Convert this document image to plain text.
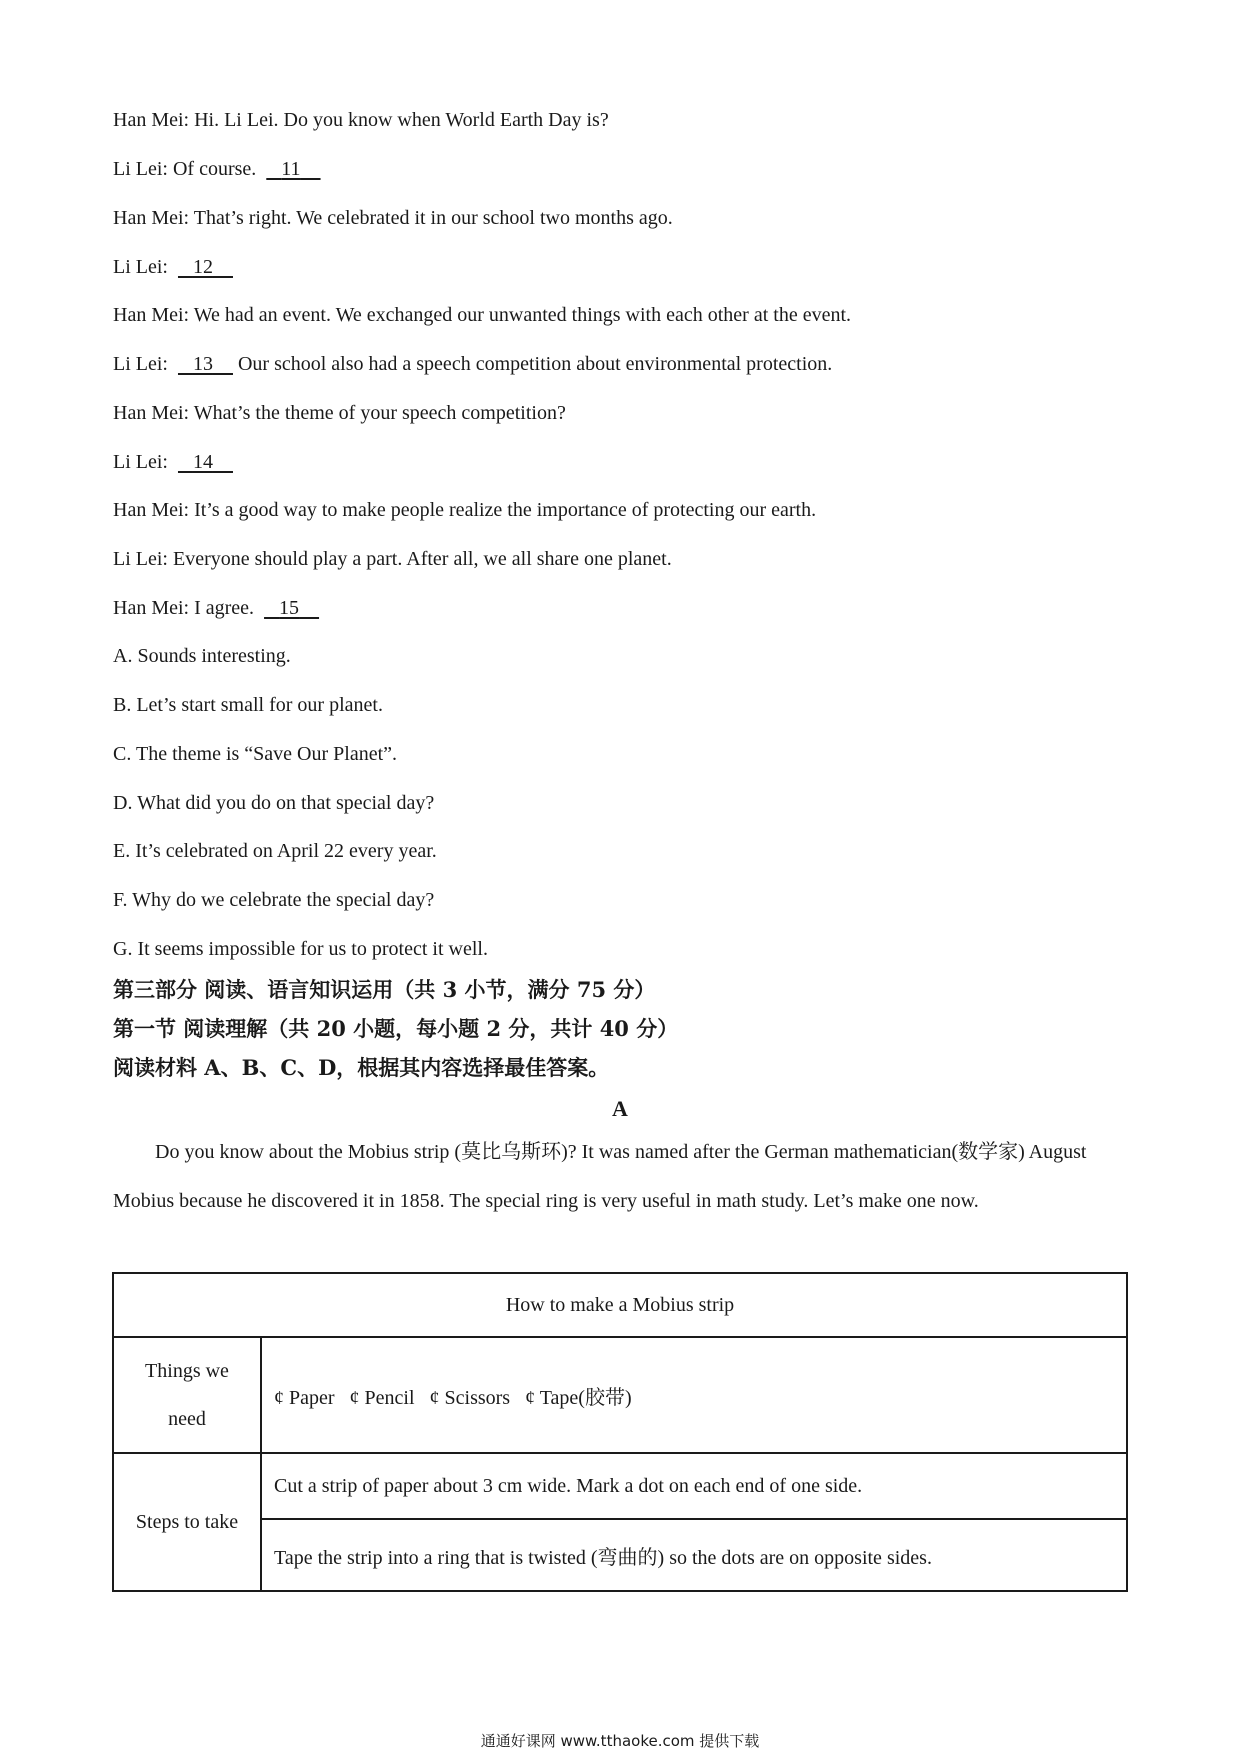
Han Mei: Hi. Li Lei. Do you know when World Earth Day is?
Li Lei: Of course.     11
Han Mei: That’s right. We celebrated it in our school two months ago.
Li Lei:     12
Han Mei: We had an event. We exchanged our unwanted things with each other at the event.
Li Lei:     13     Our school also had a speech competition about environmental protection.
Han Mei: What’s the theme of your speech competition?
Li Lei:     14
Han Mei: It’s a good way to make people realize the importance of protecting our earth.
Li Lei: Everyone should play a part. After all, we all share one planet.
Han Mei: I agree.     15
A. Sounds interesting.
B. Let’s start small for our planet.
C. The theme is “Save Our Planet”.
D. What did you do on that special day?
E. It’s celebrated on April 22 every year.
F. Why do we celebrate the special day?
G. It seems impossible for us to protect it well.
第三部分 阅读、语言知识运用（共 3 小节，满分 75 分）
第一节 阅读理解（共 20 小题，每小题 2 分，共计 40 分）
阅读材料 A、B、C、D，根据其内容选择最佳答案。
A
Do you know about the Mobius strip (莫比乌斯环)? It was named after the German mathematician(数学家) August Mobius because he discovered it in 1858. The special ring is very useful in math study. Let’s make one now.
How to make a Mobius strip	
Things we need	¢ Paper   ¢ Pencil   ¢ Scissors   ¢ Tape(胶带)
Steps to take	Cut a strip of paper about 3 cm wide. Mark a dot on each end of one side.
	Tape the strip into a ring that is twisted (弯曲的) so the dots are on opposite sides.
通通好课网 www.tthaoke.com 提供下载
